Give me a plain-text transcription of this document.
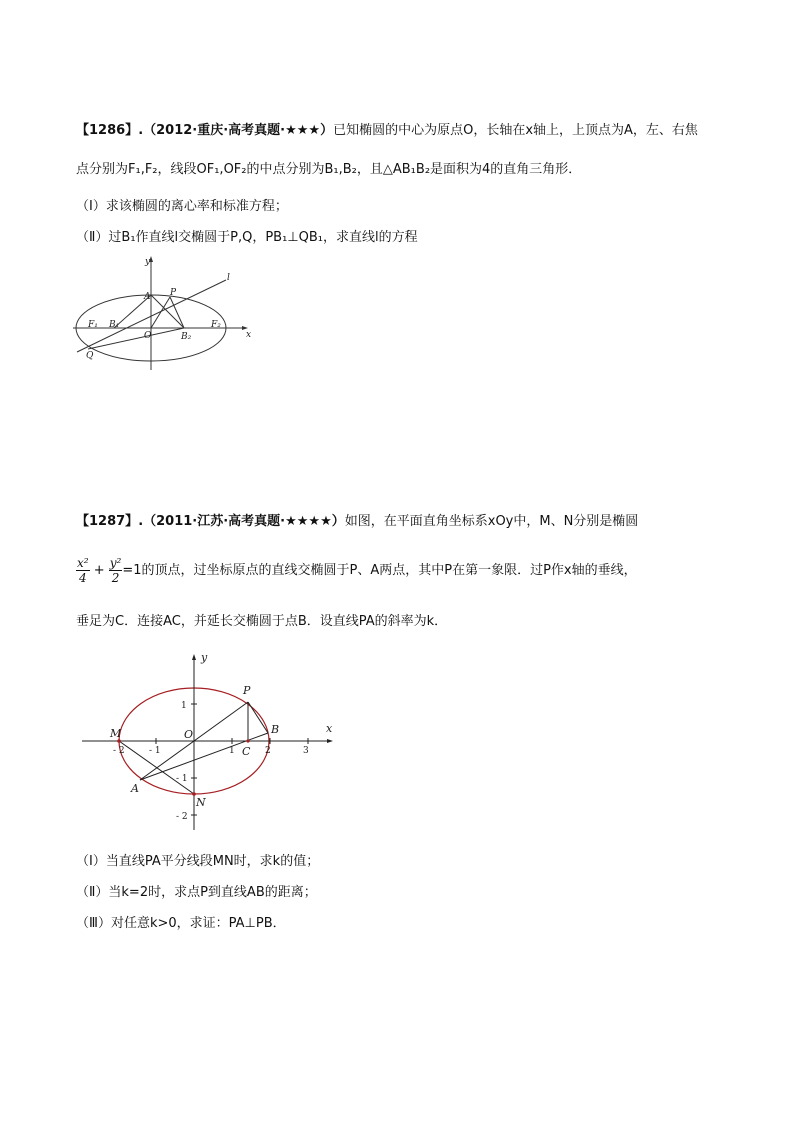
【1286】.（2012·重庆·高考真题·★★★）已知椭圆的中心为原点O，长轴在x轴上，上顶点为A，左、右焦
点分别为F₁,F₂，线段OF₁,OF₂的中点分别为B₁,B₂，且△AB₁B₂是面积为4的直角三角形．
（Ⅰ）求该椭圆的离心率和标准方程；
（Ⅱ）过B₁作直线l交椭圆于P,Q，PB₁⊥QB₁，求直线l的方程
y
x
l
A P
F₁ B₁
O	B₂
F₂
Q
【1287】.（2011·江苏·高考真题·★★★★）如图，在平面直角坐标系xOy中，M、N分别是椭圆
$\frac{\text{x²}}{4} + \frac{\text{y²}}{2} =1$的顶点，过坐标原点的直线交椭圆于P、A两点，其中P在第一象限．过P作x轴的垂线，
垂足为C．连接AC，并延长交椭圆于点B．设直线PA的斜率为k．
y
x
P
B
M	O
C
A
N
1
- 1
- 2
- 2	- 1	1	2	3
（Ⅰ）当直线PA平分线段MN时，求k的值；
（Ⅱ）当k=2时，求点P到直线AB的距离；
（Ⅲ）对任意k>0，求证：PA⊥PB．
